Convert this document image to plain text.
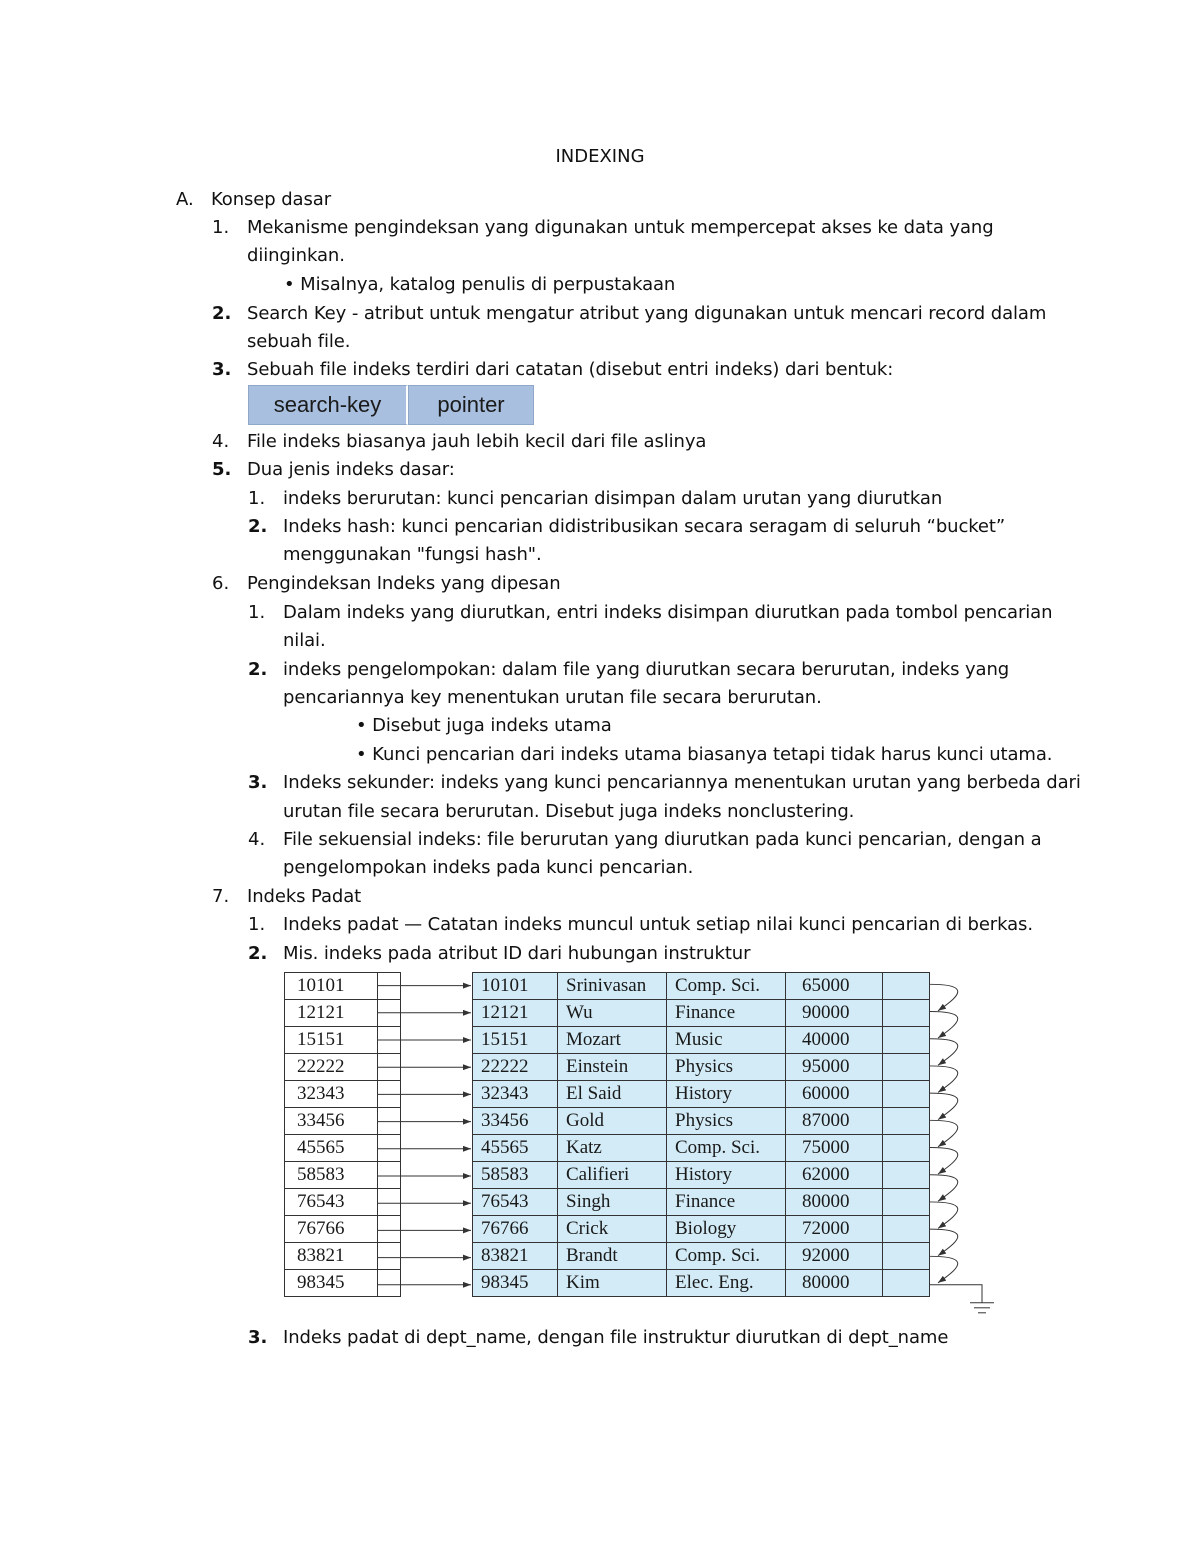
INDEXING
A. Konsep dasar
1. Mekanisme pengindeksan yang digunakan untuk mempercepat akses ke data yang
diinginkan.
• Misalnya, katalog penulis di perpustakaan
2. Search Key - atribut untuk mengatur atribut yang digunakan untuk mencari record dalam
sebuah file.
3. Sebuah file indeks terdiri dari catatan (disebut entri indeks) dari bentuk:
search-key	pointer
4. File indeks biasanya jauh lebih kecil dari file aslinya
5. Dua jenis indeks dasar:
1. indeks berurutan: kunci pencarian disimpan dalam urutan yang diurutkan
2. Indeks hash: kunci pencarian didistribusikan secara seragam di seluruh “bucket”
menggunakan "fungsi hash".
6. Pengindeksan Indeks yang dipesan
1. Dalam indeks yang diurutkan, entri indeks disimpan diurutkan pada tombol pencarian
nilai.
2. indeks pengelompokan: dalam file yang diurutkan secara berurutan, indeks yang
pencariannya key menentukan urutan file secara berurutan.
• Disebut juga indeks utama
• Kunci pencarian dari indeks utama biasanya tetapi tidak harus kunci utama.
3. Indeks sekunder: indeks yang kunci pencariannya menentukan urutan yang berbeda dari
urutan file secara berurutan. Disebut juga indeks nonclustering.
4. File sekuensial indeks: file berurutan yang diurutkan pada kunci pencarian, dengan a
pengelompokan indeks pada kunci pencarian.
7. Indeks Padat
1. Indeks padat — Catatan indeks muncul untuk setiap nilai kunci pencarian di berkas.
2. Mis. indeks pada atribut ID dari hubungan instruktur
10101	
12121	
15151	
22222	
32343	
33456	
45565	
58583	
76543	
76766	
83821	
98345	
10101	Srinivasan	Comp. Sci.	65000	
12121	Wu	Finance	90000	
15151	Mozart	Music	40000	
22222	Einstein	Physics	95000	
32343	El Said	History	60000	
33456	Gold	Physics	87000	
45565	Katz	Comp. Sci.	75000	
58583	Califieri	History	62000	
76543	Singh	Finance	80000	
76766	Crick	Biology	72000	
83821	Brandt	Comp. Sci.	92000	
98345	Kim	Elec. Eng.	80000	
3. Indeks padat di dept_name, dengan file instruktur diurutkan di dept_name
